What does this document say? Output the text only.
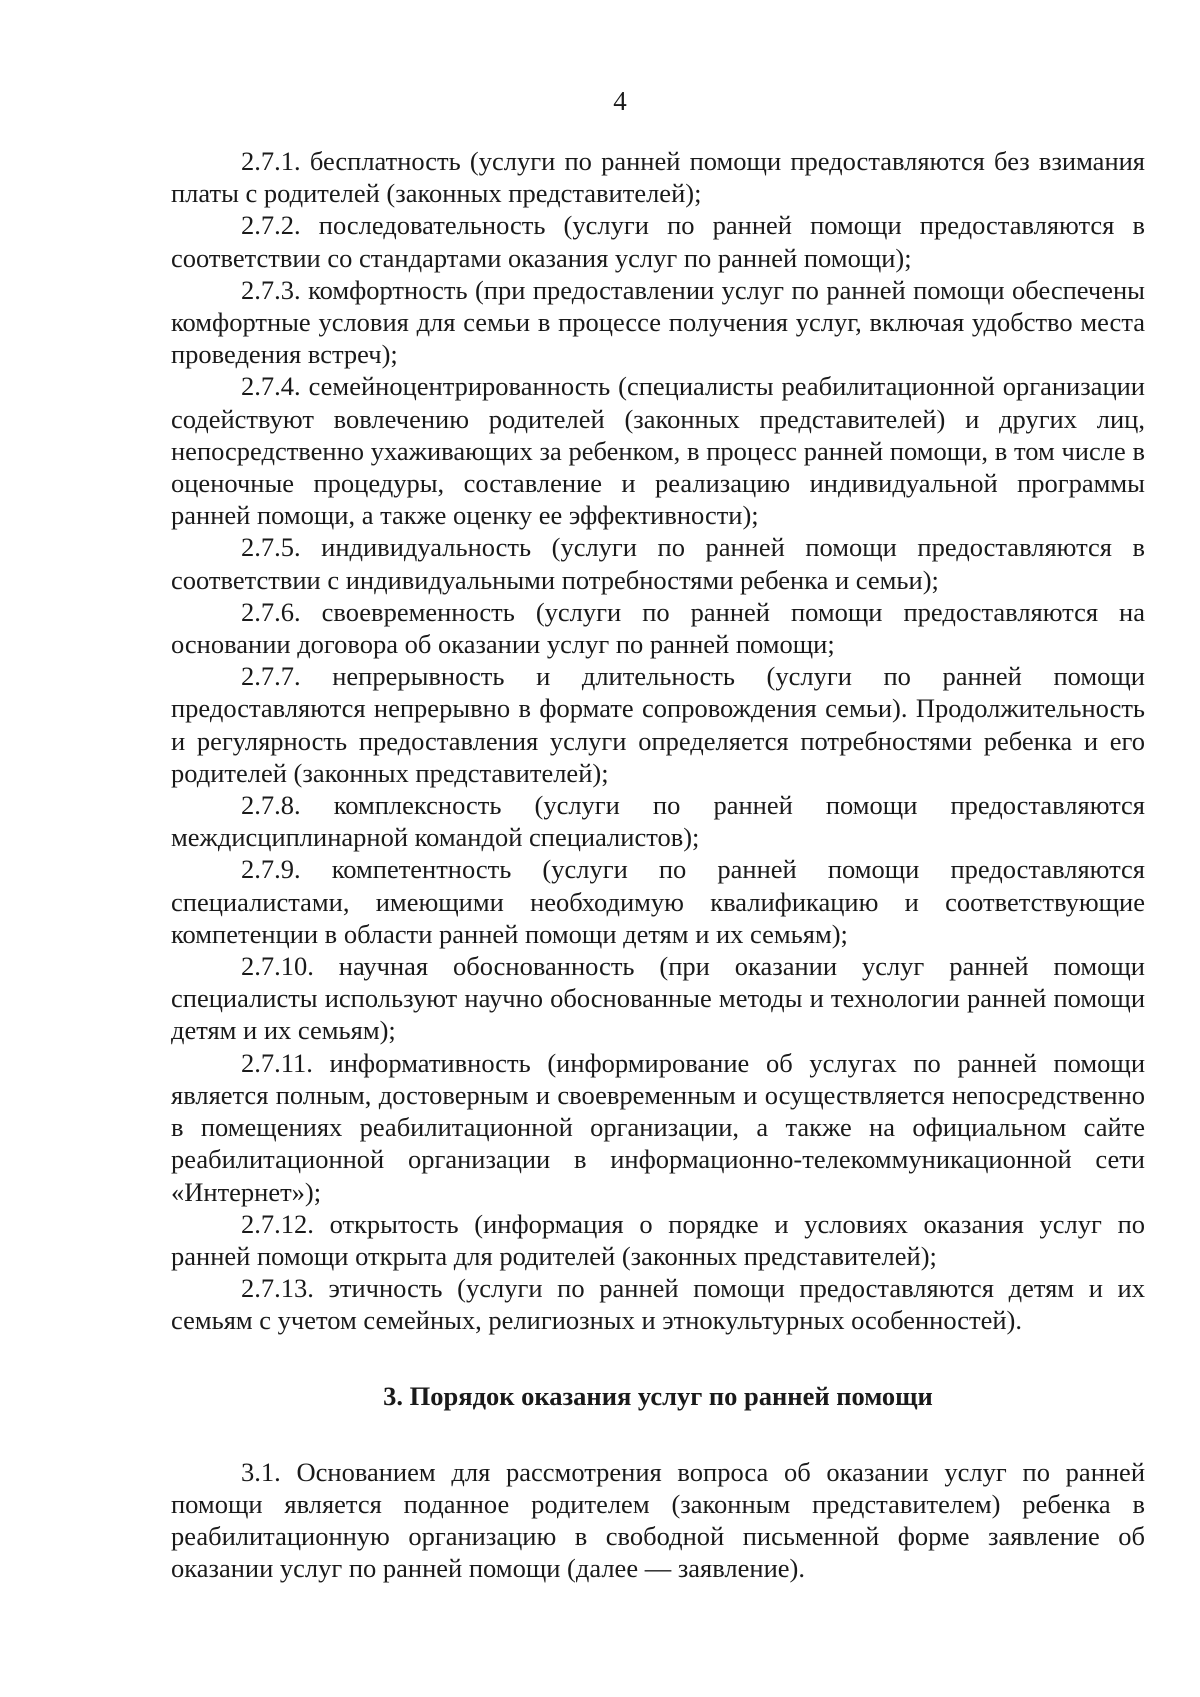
4

2.7.1. бесплатность (услуги по ранней помощи предоставляются без взимания платы с родителей (законных представителей);

2.7.2. последовательность (услуги по ранней помощи предоставляются в соответствии со стандартами оказания услуг по ранней помощи);

2.7.3. комфортность (при предоставлении услуг по ранней помощи обеспечены комфортные условия для семьи в процессе получения услуг, включая удобство места проведения встреч);

2.7.4. семейноцентрированность (специалисты реабилитационной организации содействуют вовлечению родителей (законных представителей) и других лиц, непосредственно ухаживающих за ребенком, в процесс ранней помощи, в том числе в оценочные процедуры, составление и реализацию индивидуальной программы ранней помощи, а также оценку ее эффективности);

2.7.5. индивидуальность (услуги по ранней помощи предоставляются в соответствии с индивидуальными потребностями ребенка и семьи);

2.7.6. своевременность (услуги по ранней помощи предоставляются на основании договора об оказании услуг по ранней помощи;

2.7.7. непрерывность и длительность (услуги по ранней помощи предоставляются непрерывно в формате сопровождения семьи). Продолжительность и регулярность предоставления услуги определяется потребностями ребенка и его родителей (законных представителей);

2.7.8. комплексность (услуги по ранней помощи предоставляются междисциплинарной командой специалистов);

2.7.9. компетентность (услуги по ранней помощи предоставляются специалистами, имеющими необходимую квалификацию и соответствующие компетенции в области ранней помощи детям и их семьям);

2.7.10. научная обоснованность (при оказании услуг ранней помощи специалисты используют научно обоснованные методы и технологии ранней помощи детям и их семьям);

2.7.11. информативность (информирование об услугах по ранней помощи является полным, достоверным и своевременным и осуществляется непосредственно в помещениях реабилитационной организации, а также на официальном сайте реабилитационной организации в информационно-телекоммуникационной сети «Интернет»);

2.7.12. открытость (информация о порядке и условиях оказания услуг по ранней помощи открыта для родителей (законных представителей);

2.7.13. этичность (услуги по ранней помощи предоставляются детям и их семьям с учетом семейных, религиозных и этнокультурных особенностей).

3. Порядок оказания услуг по ранней помощи

3.1. Основанием для рассмотрения вопроса об оказании услуг по ранней помощи является поданное родителем (законным представителем) ребенка в реабилитационную организацию в свободной письменной форме заявление об оказании услуг по ранней помощи (далее — заявление).
